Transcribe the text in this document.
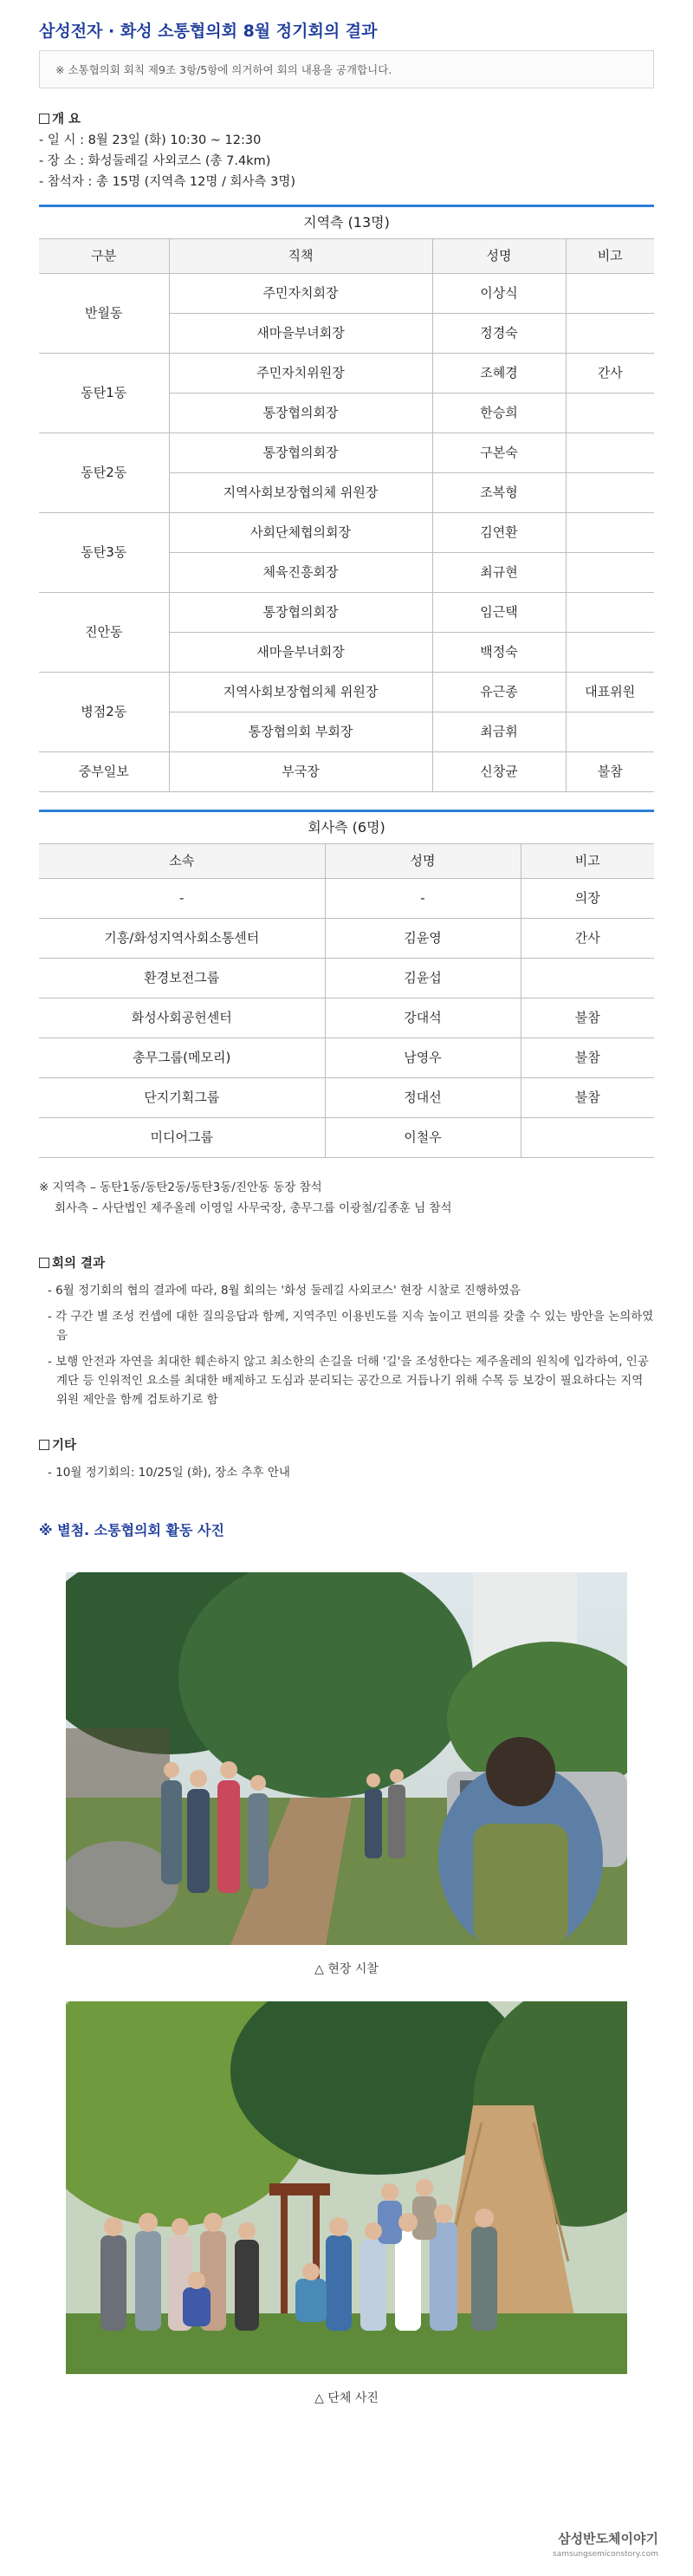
삼성전자 · 화성 소통협의회 8월 정기회의 결과
※ 소통협의회 회칙 제9조 3항/5항에 의거하여 회의 내용을 공개합니다.
개 요
- 일 시 : 8월 23일 (화) 10:30 ~ 12:30
- 장 소 : 화성둘레길 사외코스 (총 7.4km)
- 참석자 : 총 15명 (지역측 12명 / 회사측 3명)
지역측 (13명)			
구분	직책	성명	비고
반월동	주민자치회장	이상식	
	새마을부녀회장	정경숙	
동탄1동	주민자치위원장	조혜경	간사
	통장협의회장	한승희	
동탄2동	통장협의회장	구본숙	
	지역사회보장협의체 위원장	조복형	
동탄3동	사회단체협의회장	김연환	
	체육진흥회장	최규현	
진안동	통장협의회장	임근택	
	새마을부녀회장	백정숙	
병점2동	지역사회보장협의체 위원장	유근종	대표위원
	통장협의회 부회장	최금휘	
중부일보	부국장	신창균	불참
회사측 (6명)		
소속	성명	비고
-	-	의장
기흥/화성지역사회소통센터	김윤영	간사
환경보전그룹	김윤섭	
화성사회공헌센터	강대석	불참
총무그룹(메모리)	남영우	불참
단지기획그룹	정대선	불참
미디어그룹	이철우	
※ 지역측 – 동탄1동/동탄2동/동탄3동/진안동 동장 참석
회사측 – 사단법인 제주올레 이영일 사무국장, 총무그룹 이광철/김종훈 님 참석
회의 결과
- 6월 정기회의 협의 결과에 따라, 8월 회의는 '화성 둘레길 사외코스' 현장 시찰로 진행하였음
- 각 구간 별 조성 컨셉에 대한 질의응답과 함께, 지역주민 이용빈도를 지속 높이고 편의를 갖출 수 있는 방안을 논의하였음
- 보행 안전과 자연을 최대한 훼손하지 않고 최소한의 손길을 더해 '길'을 조성한다는 제주올레의 원칙에 입각하여, 인공계단 등 인위적인 요소를 최대한 배제하고 도심과 분리되는 공간으로 거듭나기 위해 수목 등 보강이 필요하다는 지역위원 제안을 함께 검토하기로 함
기타
- 10월 정기회의: 10/25일 (화), 장소 추후 안내
※ 별첨. 소통협의회 활동 사진
△ 현장 시찰
△ 단체 사진
삼성반도체이야기
samsungsemiconstory.com
